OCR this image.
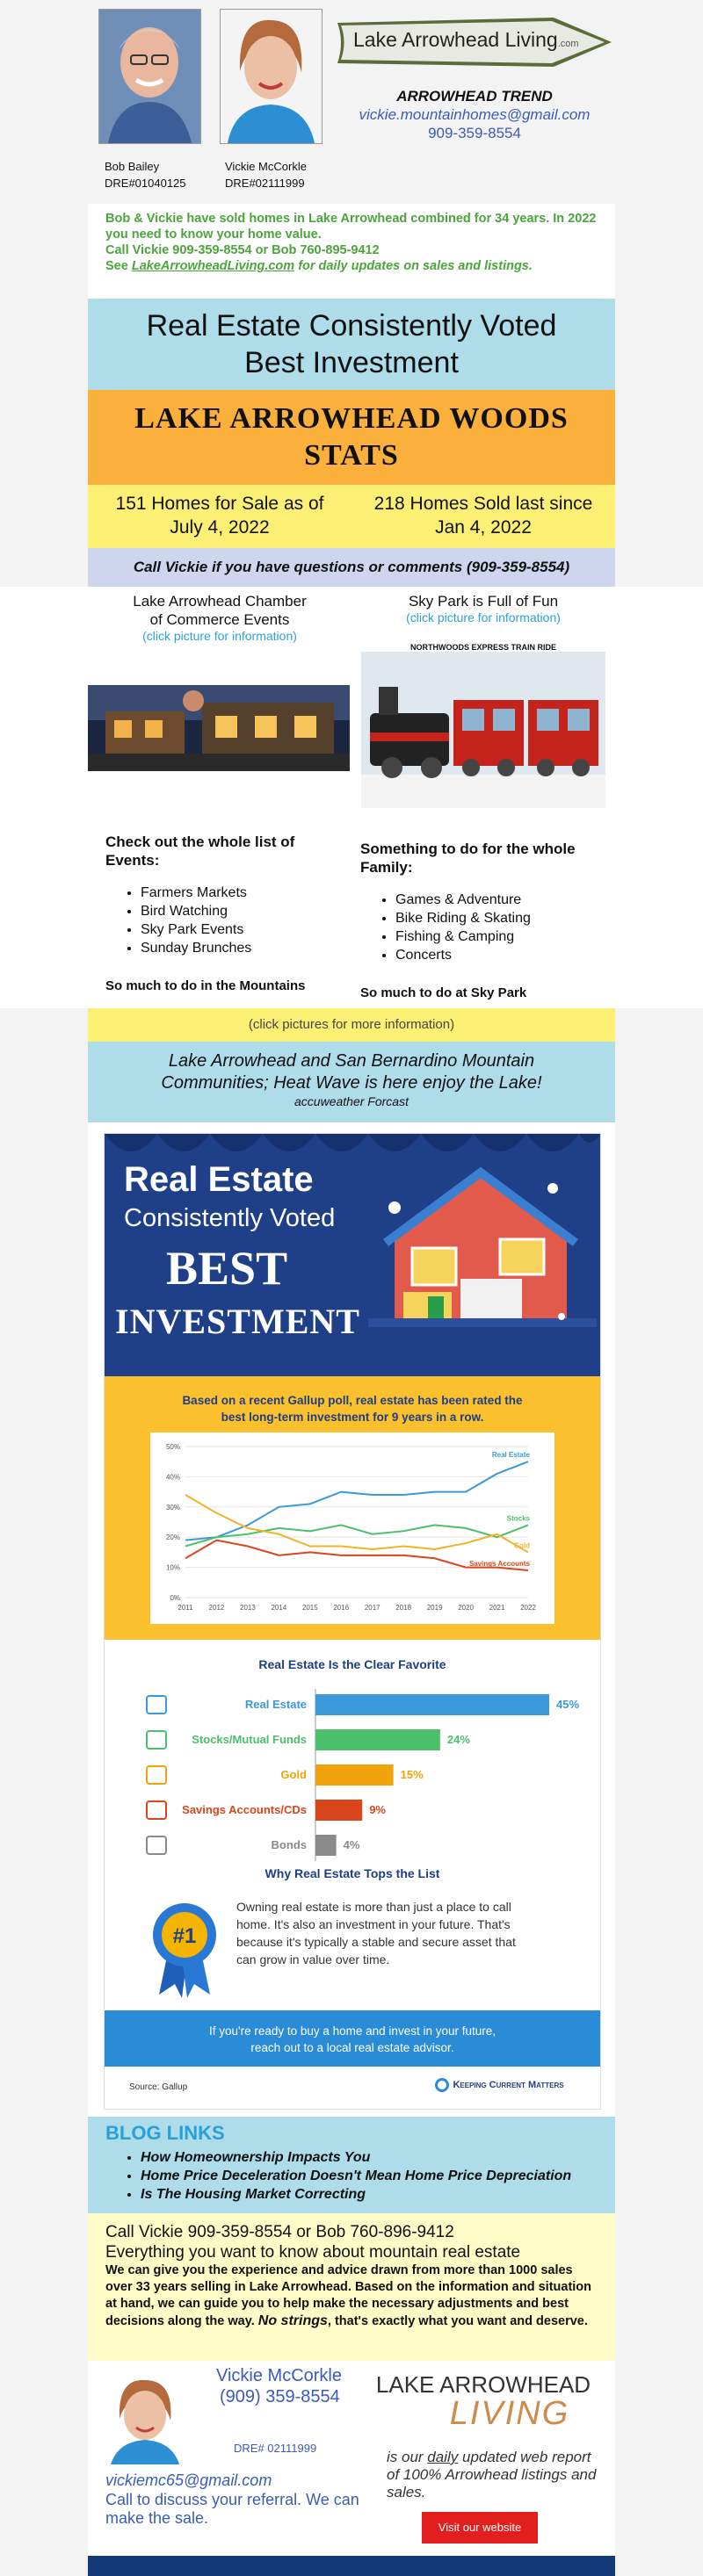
Bob Bailey
DRE#01040125
Vickie McCorkle
DRE#02111999
Lake Arrowhead Living.com
ARROWHEAD TREND
vickie.mountainhomes@gmail.com
909-359-8554
Bob & Vickie have sold homes in Lake Arrowhead combined for 34 years. In 2022 you need to know your home value.
Call Vickie 909-359-8554 or Bob 760-895-9412
See LakeArrowheadLiving.com for daily updates on sales and listings.
Real Estate Consistently Voted Best Investment
LAKE ARROWHEAD WOODS STATS
151 Homes for Sale as of July 4, 2022
218 Homes Sold last since Jan 4, 2022
Call Vickie if you have questions or comments (909-359-8554)
Lake Arrowhead Chamber of Commerce Events
(click picture for information)
Check out the whole list of Events:
• Farmers Markets
• Bird Watching
• Sky Park Events
• Sunday Brunches
So much to do in the Mountains
Sky Park is Full of Fun
(click picture for information)
NORTHWOODS EXPRESS TRAIN RIDE
Something to do for the whole Family:
• Games & Adventure
• Bike Riding & Skating
• Fishing & Camping
• Concerts
So much to do at Sky Park
(click pictures for more information)
Lake Arrowhead and San Bernardino Mountain Communities; Heat Wave is here enjoy the Lake!
accuweather Forcast
Real Estate
Consistently Voted
BEST
INVESTMENT
Based on a recent Gallup poll, real estate has been rated the best long-term investment for 9 years in a row.
0%
10%
20%
30%
40%
50%
2011 2012 2013 2014 2015 2016 2017 2018 2019 2020 2021 2022
Real Estate
Stocks
Gold
Savings Accounts
Real Estate Is the Clear Favorite
Real Estate	45%
Stocks/Mutual Funds	24%
Gold	15%
Savings Accounts/CDs	9%
Bonds	4%
Why Real Estate Tops the List
#1
Owning real estate is more than just a place to call home. It's also an investment in your future. That's because it's typically a stable and secure asset that can grow in value over time.
If you're ready to buy a home and invest in your future, reach out to a local real estate advisor.
Source: Gallup	Keeping Current Matters
BLOG LINKS
• How Homeownership Impacts You
• Home Price Deceleration Doesn't Mean Home Price Depreciation
• Is The Housing Market Correcting
Call Vickie 909-359-8554 or Bob 760-896-9412
Everything you want to know about mountain real estate
We can give you the experience and advice drawn from more than 1000 sales over 33 years selling in Lake Arrowhead. Based on the information and situation at hand, we can guide you to help make the necessary adjustments and best decisions along the way. No strings, that's exactly what you want and deserve.
Vickie McCorkle
(909) 359-8554
DRE# 02111999
vickiemc65@gmail.com
Call to discuss your referral. We can make the sale.
LAKE ARROWHEAD
LIVING
is our daily updated web report of 100% Arrowhead listings and sales.
Visit our website
